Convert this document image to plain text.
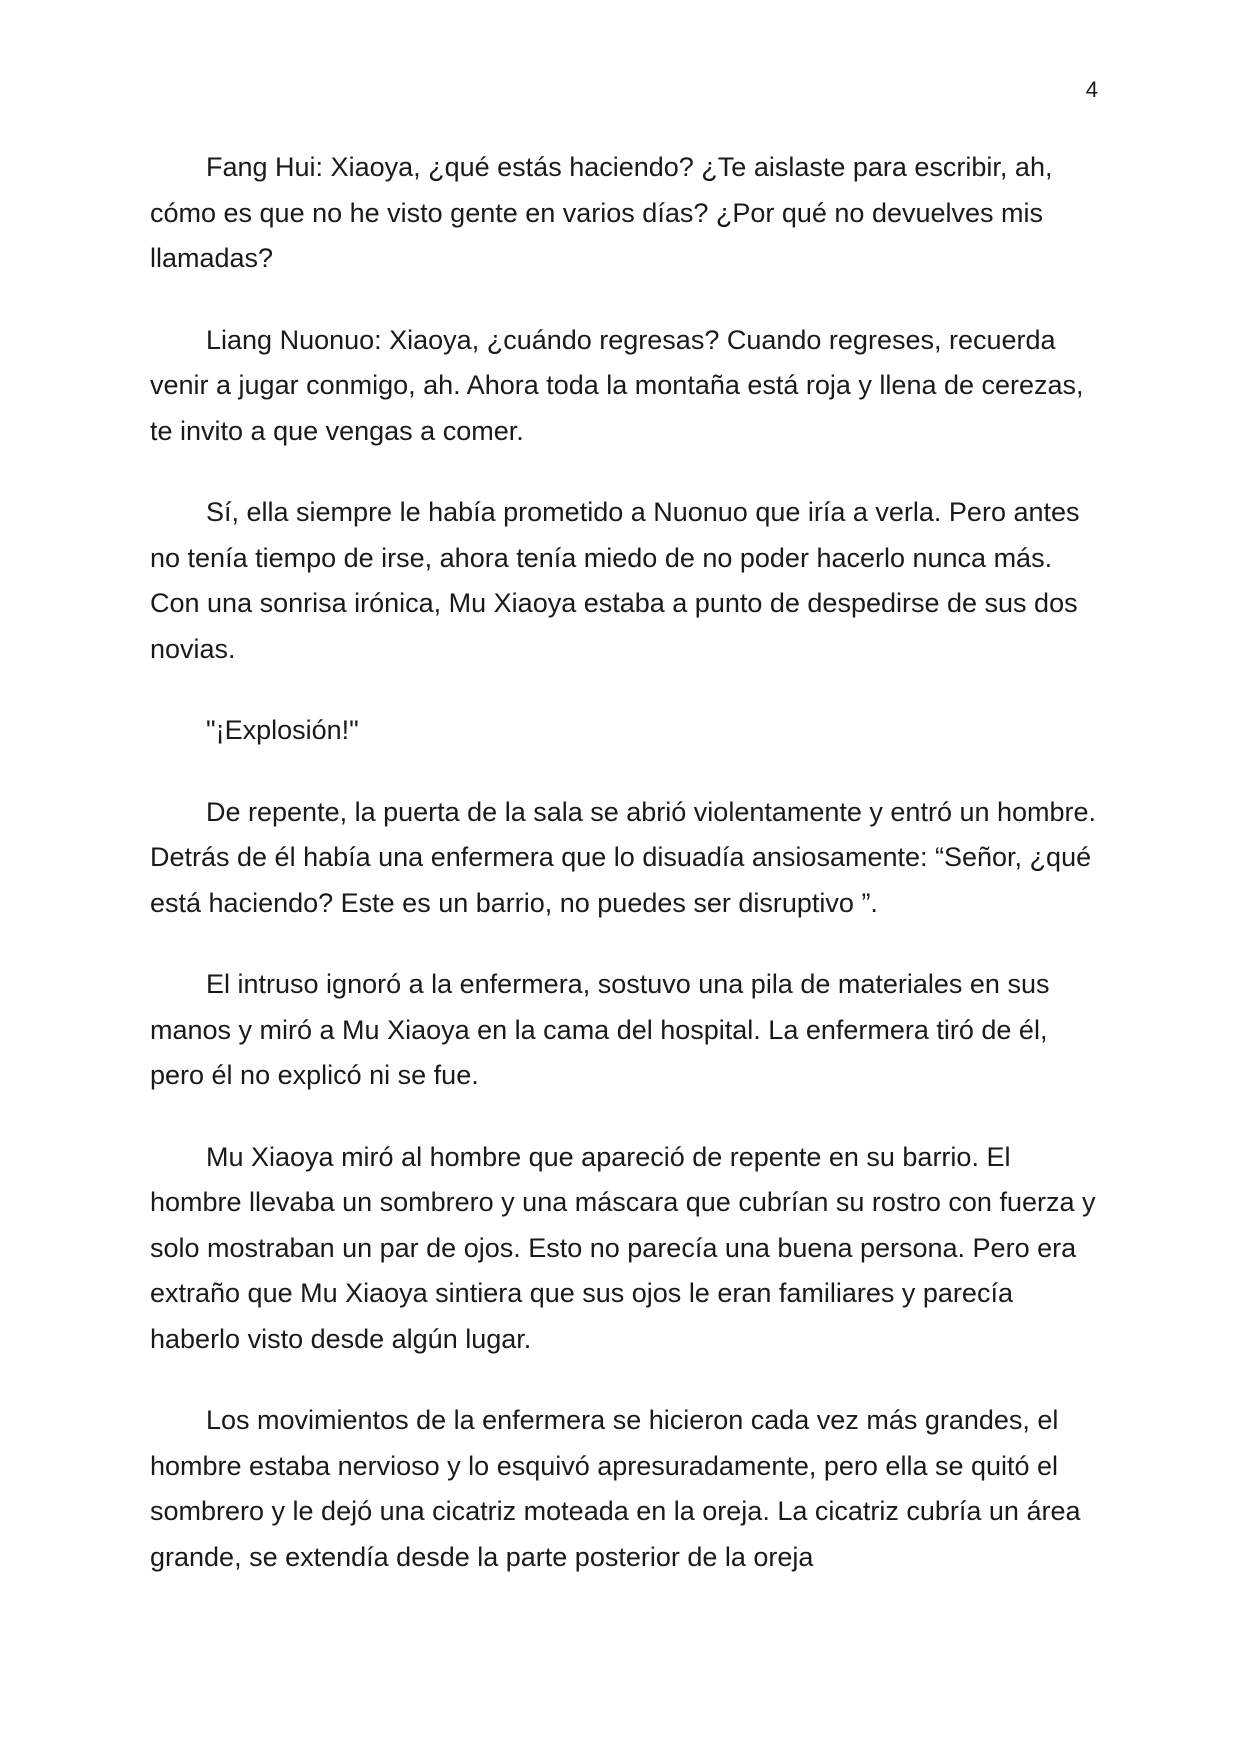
4

Fang Hui: Xiaoya, ¿qué estás haciendo? ¿Te aislaste para escribir, ah, cómo es que no he visto gente en varios días? ¿Por qué no devuelves mis llamadas?

Liang Nuonuo: Xiaoya, ¿cuándo regresas? Cuando regreses, recuerda venir a jugar conmigo, ah. Ahora toda la montaña está roja y llena de cerezas, te invito a que vengas a comer.

Sí, ella siempre le había prometido a Nuonuo que iría a verla. Pero antes no tenía tiempo de irse, ahora tenía miedo de no poder hacerlo nunca más. Con una sonrisa irónica, Mu Xiaoya estaba a punto de despedirse de sus dos novias.

"¡Explosión!"

De repente, la puerta de la sala se abrió violentamente y entró un hombre. Detrás de él había una enfermera que lo disuadía ansiosamente: “Señor, ¿qué está haciendo? Este es un barrio, no puedes ser disruptivo ”.

El intruso ignoró a la enfermera, sostuvo una pila de materiales en sus manos y miró a Mu Xiaoya en la cama del hospital. La enfermera tiró de él, pero él no explicó ni se fue.

Mu Xiaoya miró al hombre que apareció de repente en su barrio. El hombre llevaba un sombrero y una máscara que cubrían su rostro con fuerza y solo mostraban un par de ojos. Esto no parecía una buena persona. Pero era extraño que Mu Xiaoya sintiera que sus ojos le eran familiares y parecía haberlo visto desde algún lugar.

Los movimientos de la enfermera se hicieron cada vez más grandes, el hombre estaba nervioso y lo esquivó apresuradamente, pero ella se quitó el sombrero y le dejó una cicatriz moteada en la oreja. La cicatriz cubría un área grande, se extendía desde la parte posterior de la oreja
